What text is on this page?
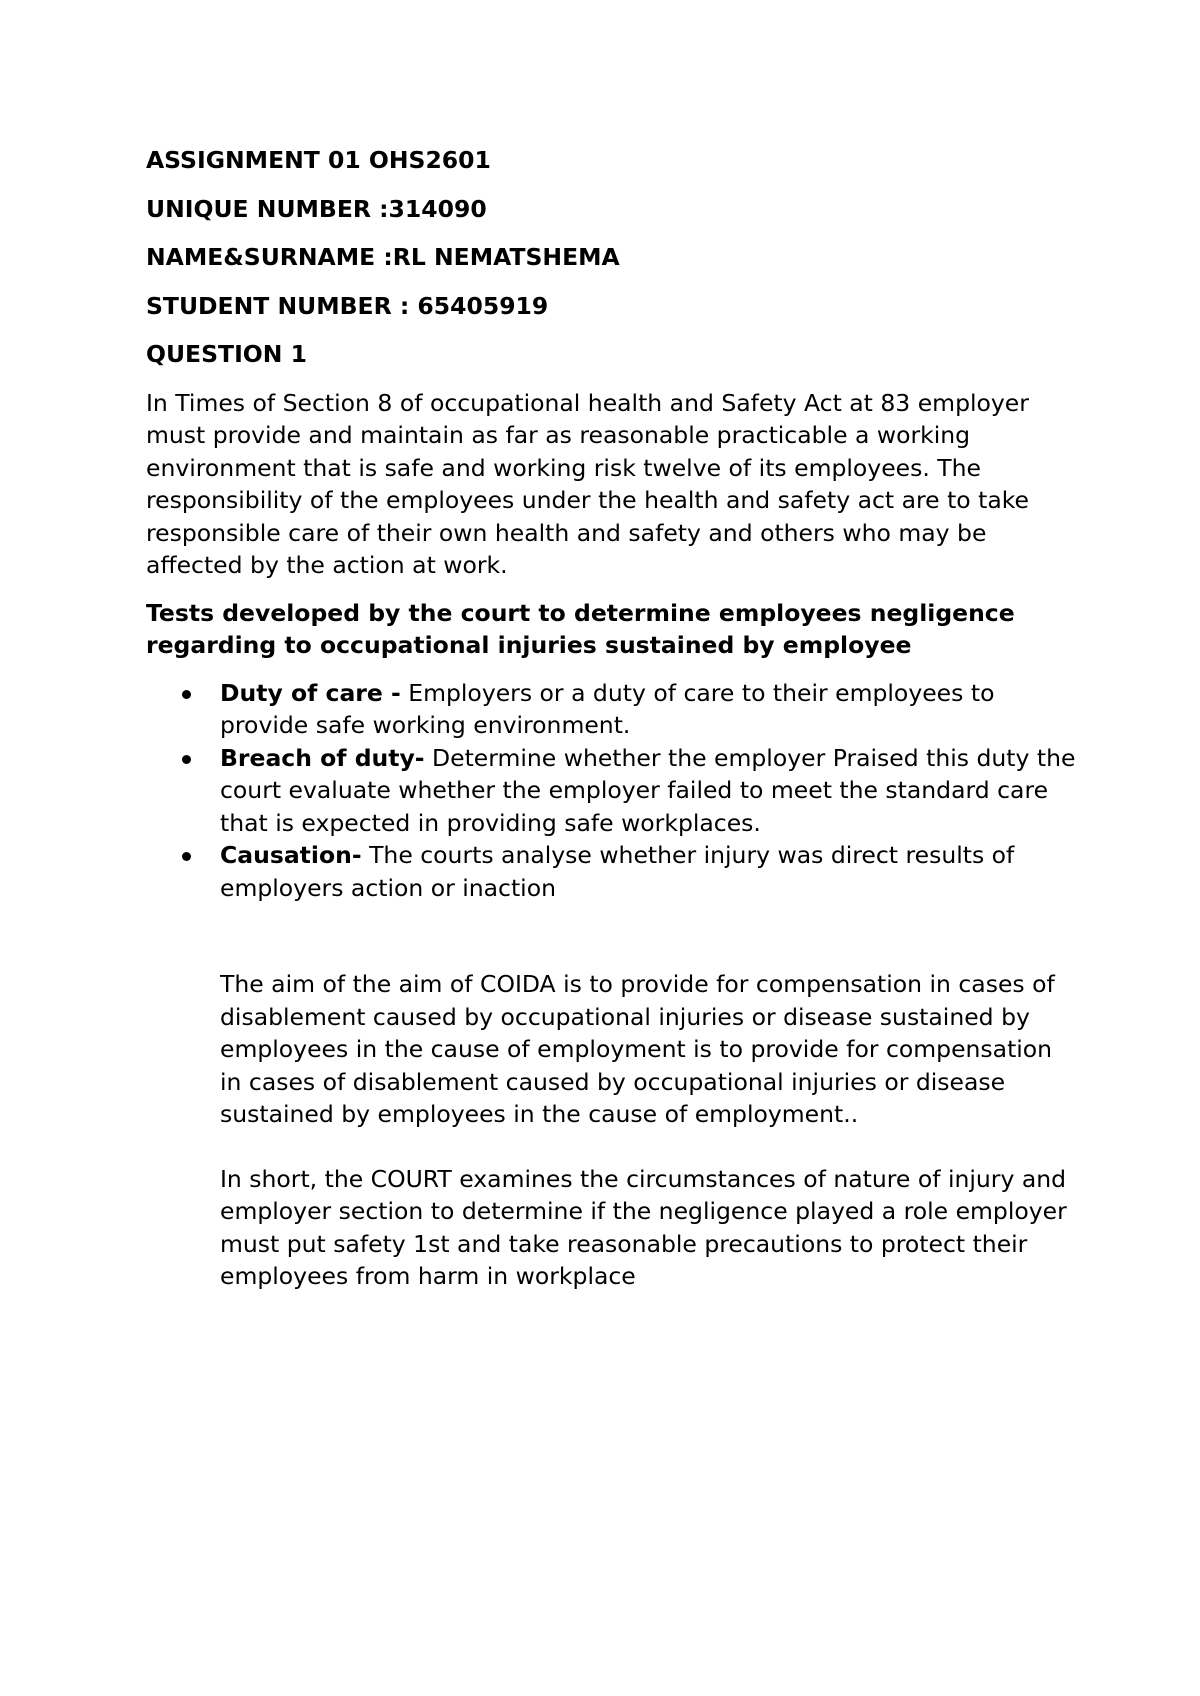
ASSIGNMENT 01 OHS2601

UNIQUE NUMBER :314090

NAME&SURNAME :RL NEMATSHEMA

STUDENT NUMBER : 65405919

QUESTION 1

In Times of Section 8 of occupational health and Safety Act at 83 employer must provide and maintain as far as reasonable practicable a working environment that is safe and working risk twelve of its employees. The responsibility of the employees under the health and safety act are to take responsible care of their own health and safety and others who may be affected by the action at work.

Tests developed by the court to determine employees negligence regarding to occupational injuries sustained by employee

Duty of care - Employers or a duty of care to their employees to provide safe working environment.
Breach of duty- Determine whether the employer Praised this duty the court evaluate whether the employer failed to meet the standard care that is expected in providing safe workplaces.
Causation- The courts analyse whether injury was direct results of employers action or inaction

The aim of the aim of COIDA is to provide for compensation in cases of disablement caused by occupational injuries or disease sustained by employees in the cause of employment is to provide for compensation in cases of disablement caused by occupational injuries or disease sustained by employees in the cause of employment..

In short, the COURT examines the circumstances of nature of injury and employer section to determine if the negligence played a role employer must put safety 1st and take reasonable precautions to protect their employees from harm in workplace
